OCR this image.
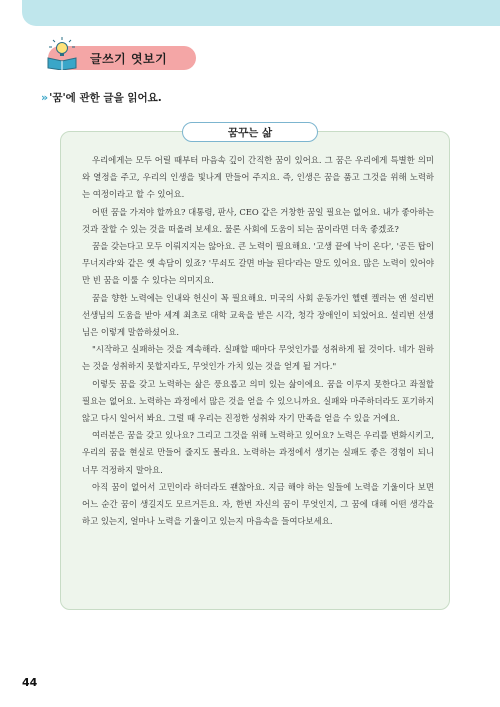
글쓰기 엿보기
» '꿈'에 관한 글을 읽어요.
꿈꾸는 삶

우리에게는 모두 어릴 때부터 마음속 깊이 간직한 꿈이 있어요. 그 꿈은 우리에게 특별한 의미와 열정을 주고, 우리의 인생을 빛나게 만들어 주지요. 즉, 인생은 꿈을 품고 그것을 위해 노력하는 여정이라고 할 수 있어요.

어떤 꿈을 가져야 할까요? 대통령, 판사, CEO 같은 거창한 꿈일 필요는 없어요. 내가 좋아하는 것과 잘할 수 있는 것을 떠올려 보세요. 물론 사회에 도움이 되는 꿈이라면 더욱 좋겠죠?

꿈을 갖는다고 모두 이뤄지지는 않아요. 큰 노력이 필요해요. '고생 끝에 낙이 온다', '공든 탑이 무너지랴'와 같은 옛 속담이 있죠? '무쇠도 갈면 바늘 된다'라는 말도 있어요. 많은 노력이 있어야만 빈 꿈을 이룰 수 있다는 의미지요.

꿈을 향한 노력에는 인내와 헌신이 꼭 필요해요. 미국의 사회 운동가인 헬렌 켈러는 앤 설리번 선생님의 도움을 받아 세계 최초로 대학 교육을 받은 시각, 청각 장애인이 되었어요. 설리번 선생님은 이렇게 말씀하셨어요.

"시작하고 실패하는 것을 계속해라. 실패할 때마다 무엇인가를 성취하게 될 것이다. 네가 원하는 것을 성취하지 못할지라도, 무엇인가 가치 있는 것을 얻게 될 거다."

이렇듯 꿈을 갖고 노력하는 삶은 풍요롭고 의미 있는 삶이에요. 꿈을 이루지 못한다고 좌절할 필요는 없어요. 노력하는 과정에서 많은 것을 얻을 수 있으니까요. 실패와 마주하더라도 포기하지 않고 다시 일어서 봐요. 그럴 때 우리는 진정한 성취와 자기 만족을 얻을 수 있을 거에요.

여러분은 꿈을 갖고 있나요? 그리고 그것을 위해 노력하고 있어요? 노력은 우리를 변화시키고, 우리의 꿈을 현실로 만들어 줄지도 몰라요. 노력하는 과정에서 생기는 실패도 좋은 경험이 되니 너무 걱정하지 말아요.

아직 꿈이 없어서 고민이라 하더라도 괜찮아요. 지금 해야 하는 일들에 노력을 기울이다 보면 어느 순간 꿈이 생길지도 모르거든요. 자, 한번 자신의 꿈이 무엇인지, 그 꿈에 대해 어떤 생각을 하고 있는지, 얼마나 노력을 기울이고 있는지 마음속을 들여다보세요.

44
